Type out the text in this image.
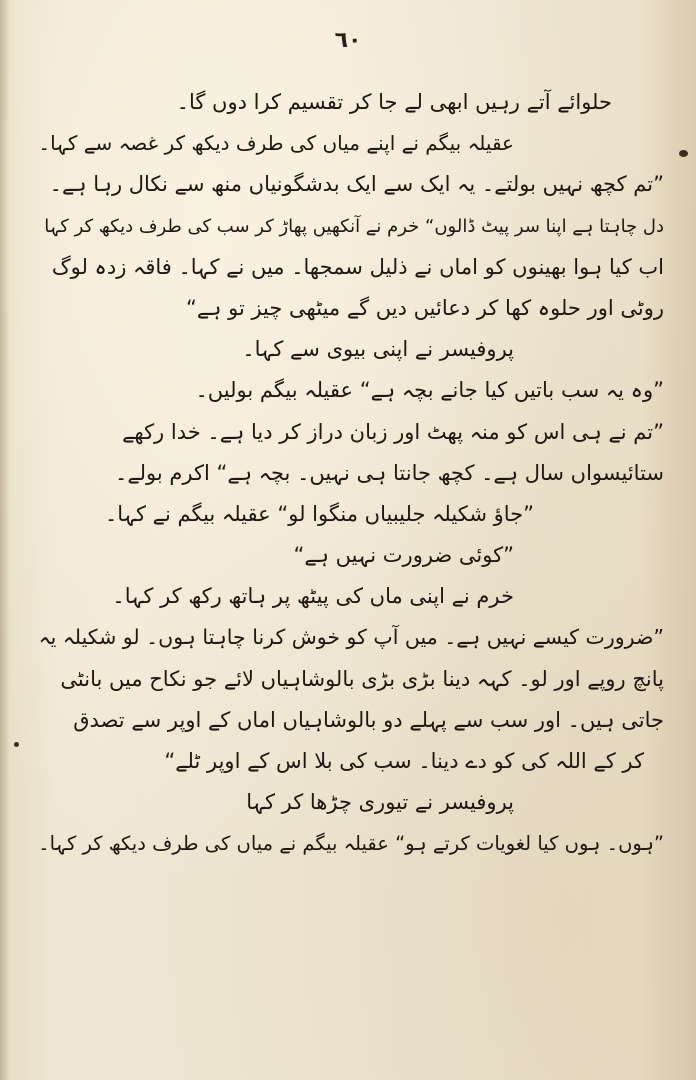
٦٠
حلوائے آتے رہیں ابھی لے جا کر تقسیم کرا دوں گا۔
عقیلہ بیگم نے اپنے میاں کی طرف دیکھ کر غصہ سے کہا۔
”تم کچھ نہیں بولتے۔ یہ ایک سے ایک بدشگونیاں منھ سے نکال رہا ہے۔
دل چاہتا ہے اپنا سر پیٹ ڈالوں“ خرم نے آنکھیں پھاڑ کر سب کی طرف دیکھ کر کہا
اب کیا ہوا بھینوں کو اماں نے ذلیل سمجھا۔ میں نے کہا۔ فاقہ زدہ لوگ
روٹی اور حلوہ کھا کر دعائیں دیں گے میٹھی چیز تو ہے“
پروفیسر نے اپنی بیوی سے کہا۔
”وہ یہ سب باتیں کیا جانے بچہ ہے“ عقیلہ بیگم بولیں۔
”تم نے ہی اس کو منہ پھٹ اور زبان دراز کر دیا ہے۔ خدا رکھے
ستائیسواں سال ہے۔ کچھ جانتا ہی نہیں۔ بچہ ہے“ اکرم بولے۔
”جاؤ شکیلہ جلیبیاں منگوا لو“ عقیلہ بیگم نے کہا۔
”کوئی ضرورت نہیں ہے“
خرم نے اپنی ماں کی پیٹھ پر ہاتھ رکھ کر کہا۔
”ضرورت کیسے نہیں ہے۔ میں آپ کو خوش کرنا چاہتا ہوں۔ لو شکیلہ یہ
پانچ روپے اور لو۔ کہہ دینا بڑی بڑی بالوشاہیاں لائے جو نکاح میں بانٹی
جاتی ہیں۔ اور سب سے پہلے دو بالوشاہیاں اماں کے اوپر سے تصدق
کر کے اللہ کی کو دے دینا۔ سب کی بلا اس کے اوپر ٹلے“
پروفیسر نے تیوری چڑھا کر کہا
”ہوں۔ ہوں کیا لغویات کرتے ہو“ عقیلہ بیگم نے میاں کی طرف دیکھ کر کہا۔
